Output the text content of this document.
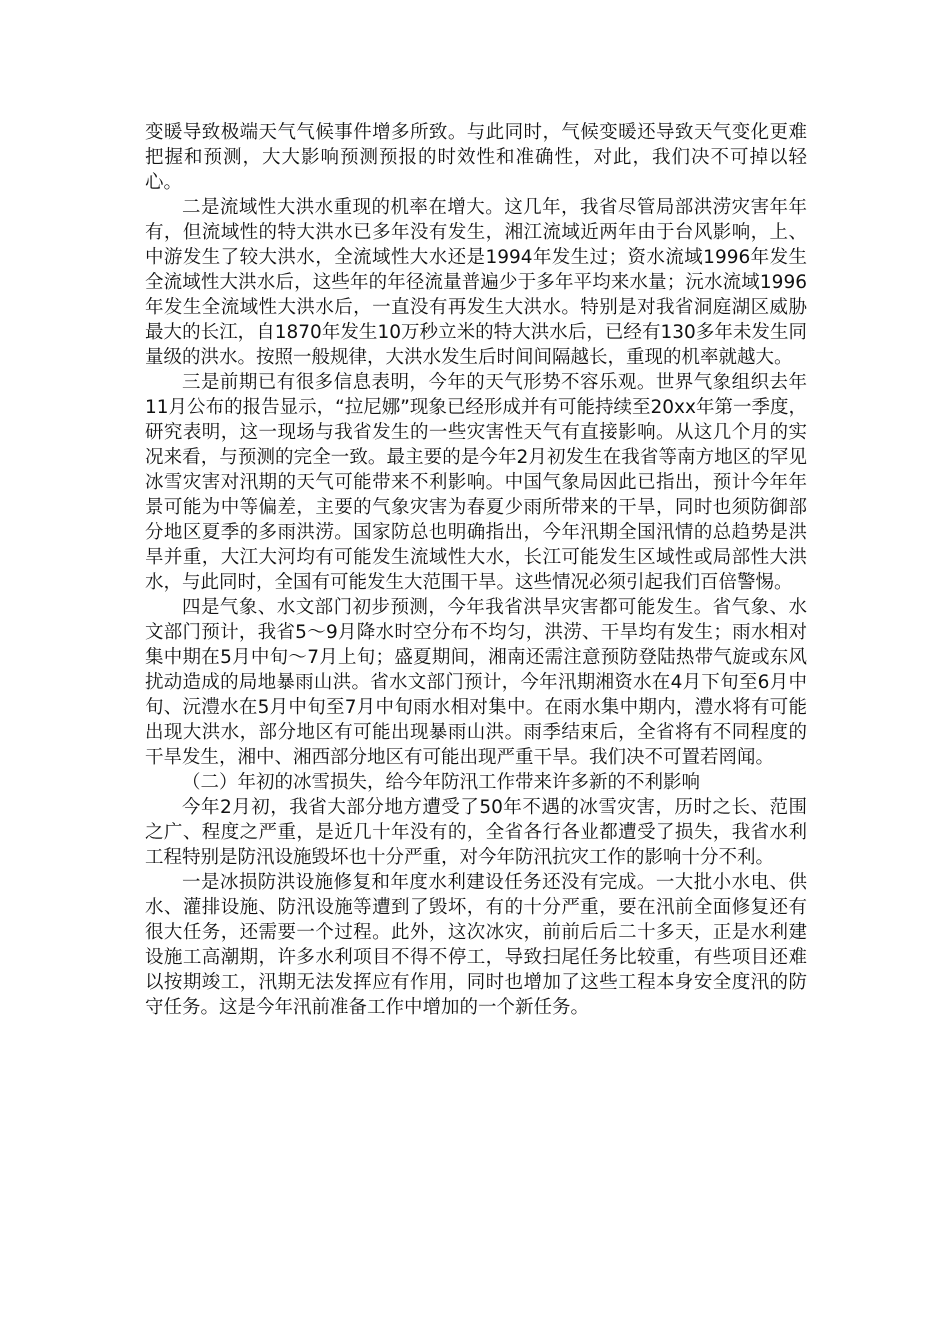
变暖导致极端天气气候事件增多所致。与此同时，气候变暖还导致天气变化更难把握和预测，大大影响预测预报的时效性和准确性，对此，我们决不可掉以轻心。

二是流域性大洪水重现的机率在增大。这几年，我省尽管局部洪涝灾害年年有，但流域性的特大洪水已多年没有发生，湘江流域近两年由于台风影响，上、中游发生了较大洪水，全流域性大水还是1994年发生过；资水流域1996年发生全流域性大洪水后，这些年的年径流量普遍少于多年平均来水量；沅水流域1996年发生全流域性大洪水后，一直没有再发生大洪水。特别是对我省洞庭湖区威胁最大的长江，自1870年发生10万秒立米的特大洪水后，已经有130多年未发生同量级的洪水。按照一般规律，大洪水发生后时间间隔越长，重现的机率就越大。

三是前期已有很多信息表明，今年的天气形势不容乐观。世界气象组织去年11月公布的报告显示，“拉尼娜”现象已经形成并有可能持续至20xx年第一季度，研究表明，这一现场与我省发生的一些灾害性天气有直接影响。从这几个月的实况来看，与预测的完全一致。最主要的是今年2月初发生在我省等南方地区的罕见冰雪灾害对汛期的天气可能带来不利影响。中国气象局因此已指出，预计今年年景可能为中等偏差，主要的气象灾害为春夏少雨所带来的干旱，同时也须防御部分地区夏季的多雨洪涝。国家防总也明确指出，今年汛期全国汛情的总趋势是洪旱并重，大江大河均有可能发生流域性大水，长江可能发生区域性或局部性大洪水，与此同时，全国有可能发生大范围干旱。这些情况必须引起我们百倍警惕。

四是气象、水文部门初步预测，今年我省洪旱灾害都可能发生。省气象、水文部门预计，我省5～9月降水时空分布不均匀，洪涝、干旱均有发生；雨水相对集中期在5月中旬～7月上旬；盛夏期间，湘南还需注意预防登陆热带气旋或东风扰动造成的局地暴雨山洪。省水文部门预计，今年汛期湘资水在4月下旬至6月中旬、沅澧水在5月中旬至7月中旬雨水相对集中。在雨水集中期内，澧水将有可能出现大洪水，部分地区有可能出现暴雨山洪。雨季结束后，全省将有不同程度的干旱发生，湘中、湘西部分地区有可能出现严重干旱。我们决不可置若罔闻。

（二）年初的冰雪损失，给今年防汛工作带来许多新的不利影响

今年2月初，我省大部分地方遭受了50年不遇的冰雪灾害，历时之长、范围之广、程度之严重，是近几十年没有的，全省各行各业都遭受了损失，我省水利工程特别是防汛设施毁坏也十分严重，对今年防汛抗灾工作的影响十分不利。

一是冰损防洪设施修复和年度水利建设任务还没有完成。一大批小水电、供水、灌排设施、防汛设施等遭到了毁坏，有的十分严重，要在汛前全面修复还有很大任务，还需要一个过程。此外，这次冰灾，前前后后二十多天，正是水利建设施工高潮期，许多水利项目不得不停工，导致扫尾任务比较重，有些项目还难以按期竣工，汛期无法发挥应有作用，同时也增加了这些工程本身安全度汛的防守任务。这是今年汛前准备工作中增加的一个新任务。
